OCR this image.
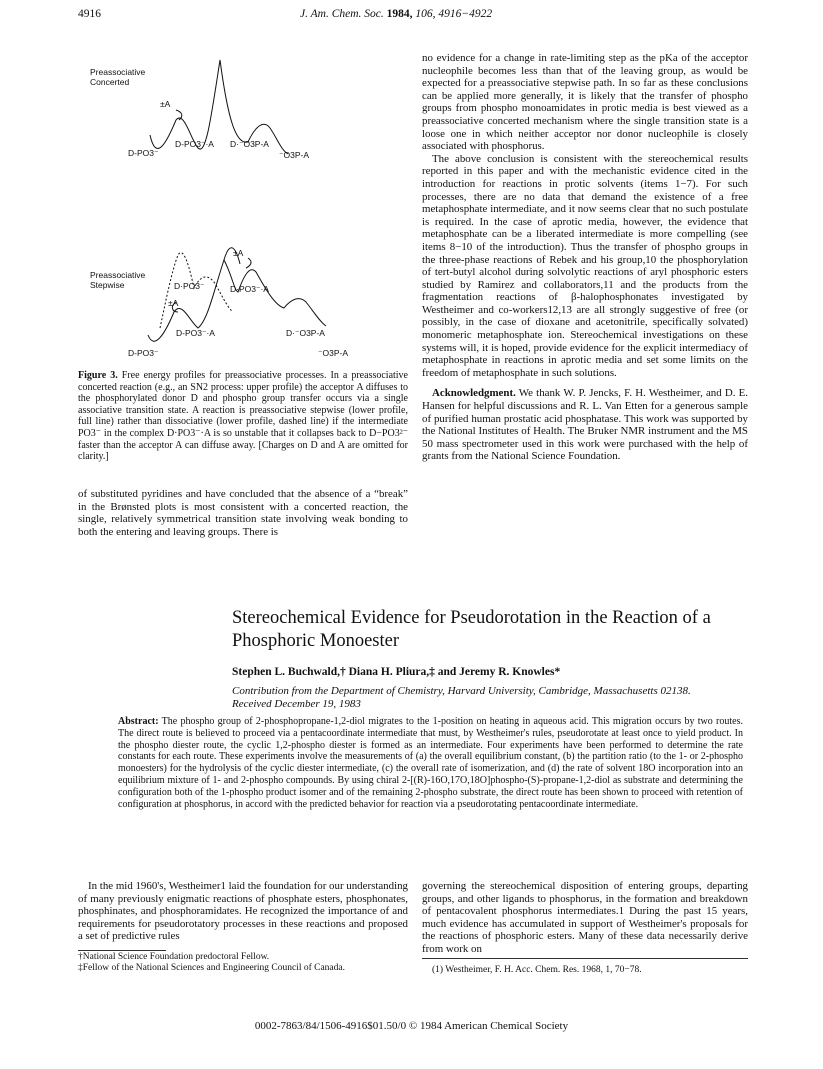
4916	J. Am. Chem. Soc. 1984, 106, 4916−4922
Preassociative
Concerted
±A
D-PO3⁻
D-PO3⁻·A D·⁻O3P-A
⁻O3P-A
±A
Preassociative
Stepwise
±A
D·PO3⁻	D·PO3⁻·A
D-PO3⁻·A	D·⁻O3P-A
D-PO3⁻	⁻O3P-A
Figure 3. Free energy profiles for preassociative processes. In a preassociative concerted reaction (e.g., an SN2 process: upper profile) the acceptor A diffuses to the phosphorylated donor D and phospho group transfer occurs via a single associative transition state. A reaction is preassociative stepwise (lower profile, full line) rather than dissociative (lower profile, dashed line) if the intermediate PO3⁻ in the complex D·PO3⁻·A is so unstable that it collapses back to D−PO3²⁻ faster than the acceptor A can diffuse away. [Charges on D and A are omitted for clarity.]

of substituted pyridines and have concluded that the absence of a “break” in the Brønsted plots is most consistent with a concerted reaction, the single, relatively symmetrical transition state involving weak bonding to both the entering and leaving groups. There is

no evidence for a change in rate-limiting step as the pKa of the acceptor nucleophile becomes less than that of the leaving group, as would be expected for a preassociative stepwise path. In so far as these conclusions can be applied more generally, it is likely that the transfer of phospho groups from phospho monoamidates in protic media is best viewed as a preassociative concerted mechanism where the single transition state is a loose one in which neither acceptor nor donor nucleophile is closely associated with phosphorus.

The above conclusion is consistent with the stereochemical results reported in this paper and with the mechanistic evidence cited in the introduction for reactions in protic solvents (items 1−7). For such processes, there are no data that demand the existence of a free metaphosphate intermediate, and it now seems clear that no such postulate is required. In the case of aprotic media, however, the evidence that metaphosphate can be a liberated intermediate is more compelling (see items 8−10 of the introduction). Thus the transfer of phospho groups in the three-phase reactions of Rebek and his group,10 the phosphorylation of tert-butyl alcohol during solvolytic reactions of aryl phosphoric esters studied by Ramirez and collaborators,11 and the products from the fragmentation reactions of β-halophosphonates investigated by Westheimer and co-workers12,13 are all strongly suggestive of free (or possibly, in the case of dioxane and acetonitrile, specifically solvated) monomeric metaphosphate ion. Stereochemical investigations on these systems will, it is hoped, provide evidence for the explicit intermediacy of metaphosphate in reactions in aprotic media and set some limits on the freedom of metaphosphate in such solutions.

Acknowledgment. We thank W. P. Jencks, F. H. Westheimer, and D. E. Hansen for helpful discussions and R. L. Van Etten for a generous sample of purified human prostatic acid phosphatase. This work was supported by the National Institutes of Health. The Bruker NMR instrument and the MS 50 mass spectrometer used in this work were purchased with the help of grants from the National Science Foundation.

Stereochemical Evidence for Pseudorotation in the Reaction of a Phosphoric Monoester
Stephen L. Buchwald,† Diana H. Pliura,‡ and Jeremy R. Knowles*
Contribution from the Department of Chemistry, Harvard University, Cambridge, Massachusetts 02138. Received December 19, 1983
Abstract: The phospho group of 2-phosphopropane-1,2-diol migrates to the 1-position on heating in aqueous acid. This migration occurs by two routes. The direct route is believed to proceed via a pentacoordinate intermediate that must, by Westheimer's rules, pseudorotate at least once to yield product. In the phospho diester route, the cyclic 1,2-phospho diester is formed as an intermediate. Four experiments have been performed to determine the rate constants for each route. These experiments involve the measurements of (a) the overall equilibrium constant, (b) the partition ratio (to the 1- or 2-phospho monoesters) for the hydrolysis of the cyclic diester intermediate, (c) the overall rate of isomerization, and (d) the rate of solvent 18O incorporation into an equilibrium mixture of 1- and 2-phospho compounds. By using chiral 2-[(R)-16O,17O,18O]phospho-(S)-propane-1,2-diol as substrate and determining the configuration both of the 1-phospho product isomer and of the remaining 2-phospho substrate, the direct route has been shown to proceed with retention of configuration at phosphorus, in accord with the predicted behavior for reaction via a pseudorotating pentacoordinate intermediate.

In the mid 1960's, Westheimer1 laid the foundation for our understanding of many previously enigmatic reactions of phosphate esters, phosphonates, phosphinates, and phosphoramidates. He recognized the importance of and requirements for pseudorotatory processes in these reactions and proposed a set of predictive rules

governing the stereochemical disposition of entering groups, departing groups, and other ligands to phosphorus, in the formation and breakdown of pentacovalent phosphorus intermediates.1 During the past 15 years, much evidence has accumulated in support of Westheimer's proposals for the reactions of phosphoric esters. Many of these data necessarily derive from work on

†National Science Foundation predoctoral Fellow.
‡Fellow of the National Sciences and Engineering Council of Canada.	(1) Westheimer, F. H. Acc. Chem. Res. 1968, 1, 70−78.
0002-7863/84/1506-4916$01.50/0 © 1984 American Chemical Society
